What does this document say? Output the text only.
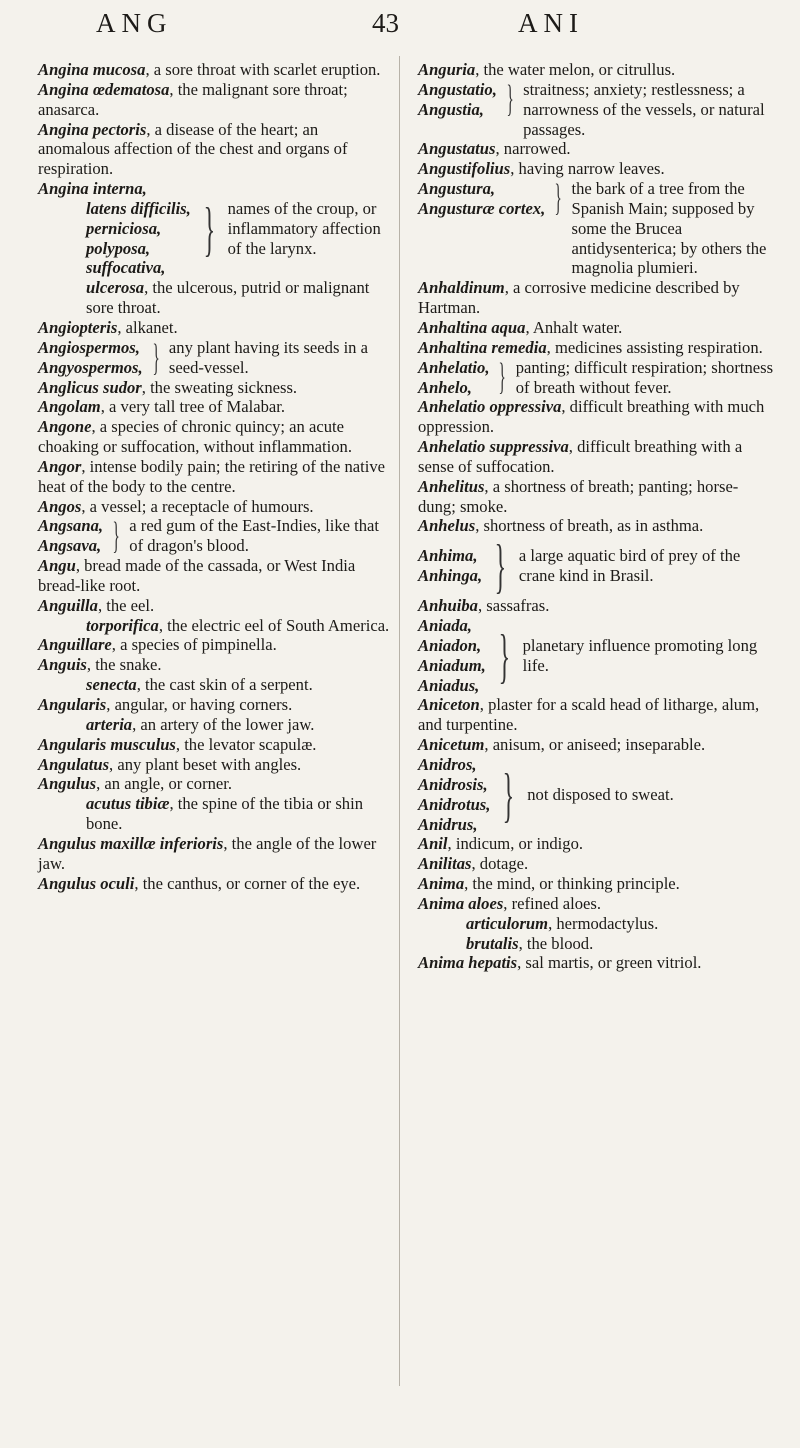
ANG	43	ANI
Angina mucosa, a sore throat with scarlet eruption.
Angina œdematosa, the malignant sore throat; anasarca.
Angina pectoris, a disease of the heart; an anomalous affection of the chest and organs of respiration.
Angina interna,
latens difficilis,
perniciosa,
polyposa,
suffocativa,
} names of the croup, or inflammatory affection of the larynx.
ulcerosa, the ulcerous, putrid or malignant sore throat.
Angiopteris, alkanet.
Angiospermos,
Angyospermos, } any plant having its seeds in a seed-vessel.
Anglicus sudor, the sweating sickness.
Angolam, a very tall tree of Malabar.
Angone, a species of chronic quincy; an acute choaking or suffocation, without inflammation.
Angor, intense bodily pain; the retiring of the native heat of the body to the centre.
Angos, a vessel; a receptacle of humours.
Angsana,
Angsava, } a red gum of the East-Indies, like that of dragon's blood.
Angu, bread made of the cassada, or West India bread-like root.
Anguilla, the eel.
torporifica, the electric eel of South America.
Anguillare, a species of pimpinella.
Anguis, the snake.
senecta, the cast skin of a serpent.
Angularis, angular, or having corners.
arteria, an artery of the lower jaw.
Angularis musculus, the levator scapulæ.
Angulatus, any plant beset with angles.
Angulus, an angle, or corner.
acutus tibiæ, the spine of the tibia or shin bone.
Angulus maxillæ inferioris, the angle of the lower jaw.
Angulus oculi, the canthus, or corner of the eye.
Anguria, the water melon, or citrullus.
Angustatio,
Angustia, } straitness; anxiety; restlessness; a narrowness of the vessels, or natural passages.
Angustatus, narrowed.
Angustifolius, having narrow leaves.
Angustura,
Angusturæ cortex, } the bark of a tree from the Spanish Main; supposed by some the Brucea antidysenterica; by others the magnolia plumieri.
Anhaldinum, a corrosive medicine described by Hartman.
Anhaltina aqua, Anhalt water.
Anhaltina remedia, medicines assisting respiration.
Anhelatio,
Anhelo, } panting; difficult respiration; shortness of breath without fever.
Anhelatio oppressiva, difficult breathing with much oppression.
Anhelatio suppressiva, difficult breathing with a sense of suffocation.
Anhelitus, a shortness of breath; panting; horse-dung; smoke.
Anhelus, shortness of breath, as in asthma.
Anhima,
Anhinga, } a large aquatic bird of prey of the crane kind in Brasil.
Anhuiba, sassafras.
Aniada,
Aniadon,
Aniadum,
Aniadus, } planetary influence promoting long life.
Aniceton, plaster for a scald head of litharge, alum, and turpentine.
Anicetum, anisum, or aniseed; inseparable.
Anidros,
Anidrosis,
Anidrotus,
Anidrus, } not disposed to sweat.
Anil, indicum, or indigo.
Anilitas, dotage.
Anima, the mind, or thinking principle.
Anima aloes, refined aloes.
articulorum, hermodactylus.
brutalis, the blood.
Anima hepatis, sal martis, or green vitriol.
